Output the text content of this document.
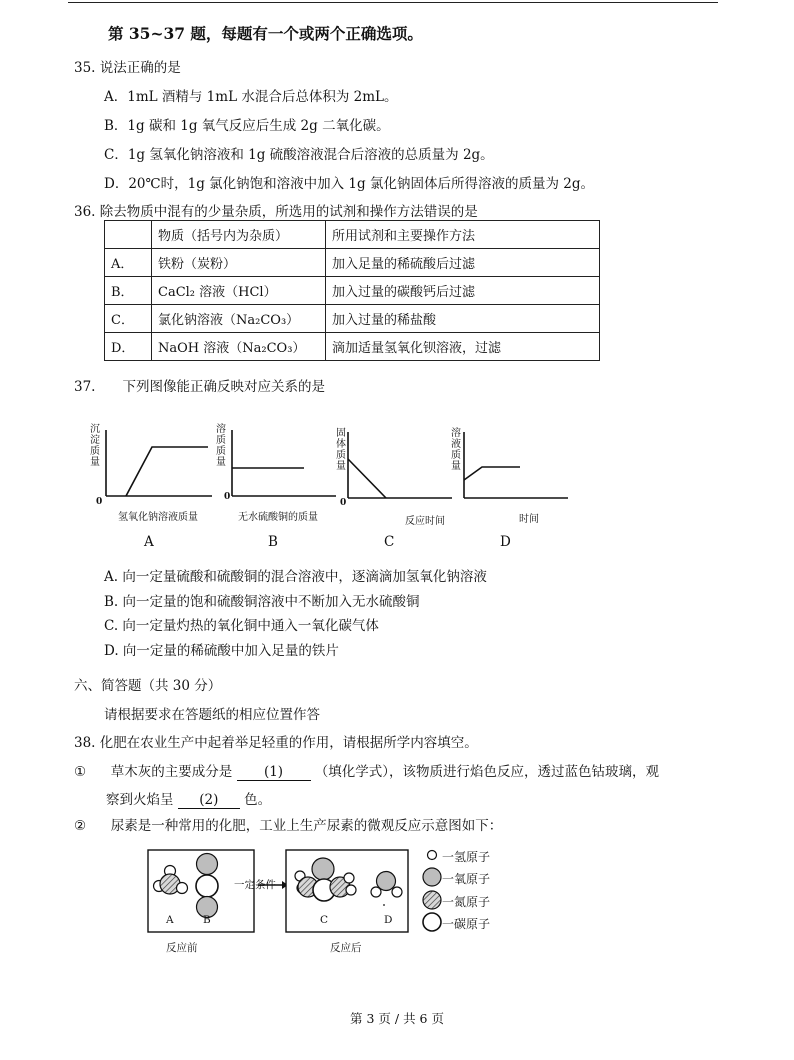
第 35~37 题，每题有一个或两个正确选项。
35. 说法正确的是
A．1mL 酒精与 1mL 水混合后总体积为 2mL。
B．1g 碳和 1g 氧气反应后生成 2g 二氧化碳。
C．1g 氢氧化钠溶液和 1g 硫酸溶液混合后溶液的总质量为 2g。
D．20℃时，1g 氯化钠饱和溶液中加入 1g 氯化钠固体后所得溶液的质量为 2g。
36. 除去物质中混有的少量杂质，所选用的试剂和操作方法错误的是
	物质（括号内为杂质）	所用试剂和主要操作方法
A．	铁粉（炭粉）	加入足量的稀硫酸后过滤
B．	CaCl₂ 溶液（HCl）	加入过量的碳酸钙后过滤
C．	氯化钠溶液（Na₂CO₃）	加入过量的稀盐酸
D．	NaOH 溶液（Na₂CO₃）	滴加适量氢氧化钡溶液，过滤
37.　　下列图像能正确反映对应关系的是
沉淀质量
0
氢氧化钠溶液质量
A
溶质质量
0
无水硫酸铜的质量
B
固体质量
0
反应时间
C
溶液质量
时间
D
A. 向一定量硫酸和硫酸铜的混合溶液中，逐滴滴加氢氧化钠溶液
B. 向一定量的饱和硫酸铜溶液中不断加入无水硫酸铜
C. 向一定量灼热的氧化铜中通入一氧化碳气体
D. 向一定量的稀硫酸中加入足量的铁片
六、简答题（共 30 分）
请根据要求在答题纸的相应位置作答
38. 化肥在农业生产中起着举足轻重的作用，请根据所学内容填空。
① 草木灰的主要成分是 (1) （填化学式），该物质进行焰色反应，透过蓝色钴玻璃，观
察到火焰呈 (2) 色。
② 尿素是一种常用的化肥，工业上生产尿素的微观反应示意图如下：
一定条件
A	B	C	D
反应前	反应后
一氢原子
一氧原子
一氮原子
一碳原子
第 3 页 / 共 6 页
